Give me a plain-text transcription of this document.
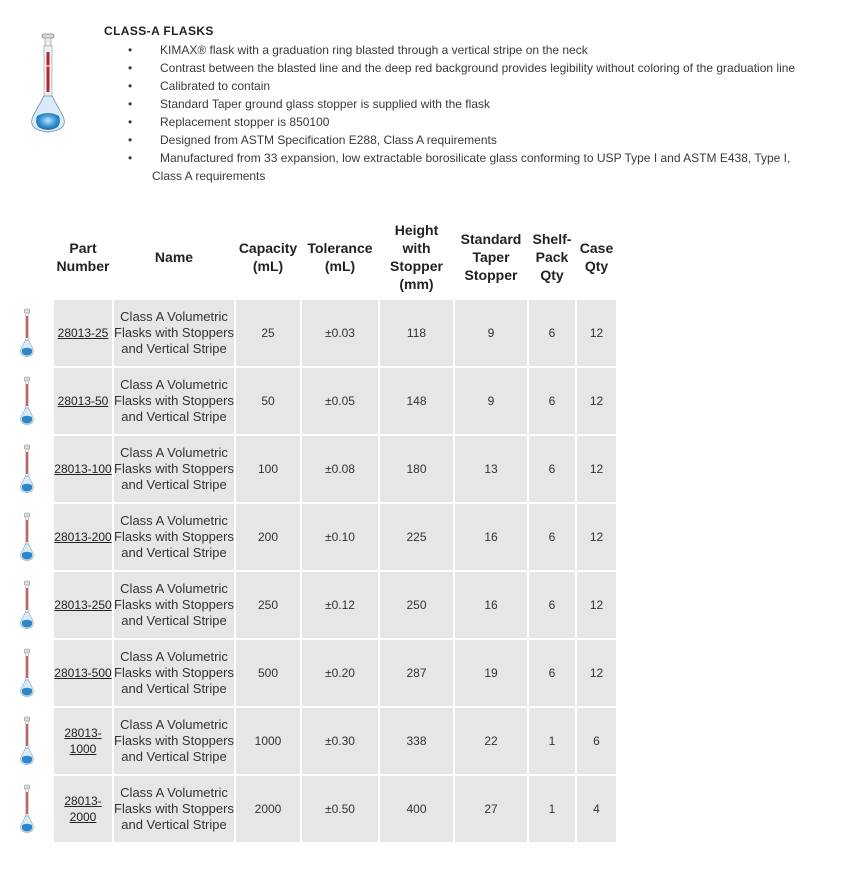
CLASS-A FLASKS
• KIMAX® flask with a graduation ring blasted through a vertical stripe on the neck
• Contrast between the blasted line and the deep red background provides legibility without coloring of the graduation line
• Calibrated to contain
• Standard Taper ground glass stopper is supplied with the flask
• Replacement stopper is 850100
• Designed from ASTM Specification E288, Class A requirements
• Manufactured from 33 expansion, low extractable borosilicate glass conforming to USP Type I and ASTM E438, Type I,
Class A requirements
	Part Number	Name	Capacity (mL)	Tolerance (mL)	Height with Stopper (mm)	Standard Taper Stopper	Shelf-Pack Qty	Case Qty

	28013-25	Class A Volumetric Flasks with Stoppers and Vertical Stripe	25	±0.03	118	9	6	12

	28013-50	Class A Volumetric Flasks with Stoppers and Vertical Stripe	50	±0.05	148	9	6	12

	28013-100	Class A Volumetric Flasks with Stoppers and Vertical Stripe	100	±0.08	180	13	6	12

	28013-200	Class A Volumetric Flasks with Stoppers and Vertical Stripe	200	±0.10	225	16	6	12

	28013-250	Class A Volumetric Flasks with Stoppers and Vertical Stripe	250	±0.12	250	16	6	12

	28013-500	Class A Volumetric Flasks with Stoppers and Vertical Stripe	500	±0.20	287	19	6	12

	28013-1000	Class A Volumetric Flasks with Stoppers and Vertical Stripe	1000	±0.30	338	22	1	6

	28013-2000	Class A Volumetric Flasks with Stoppers and Vertical Stripe	2000	±0.50	400	27	1	4
